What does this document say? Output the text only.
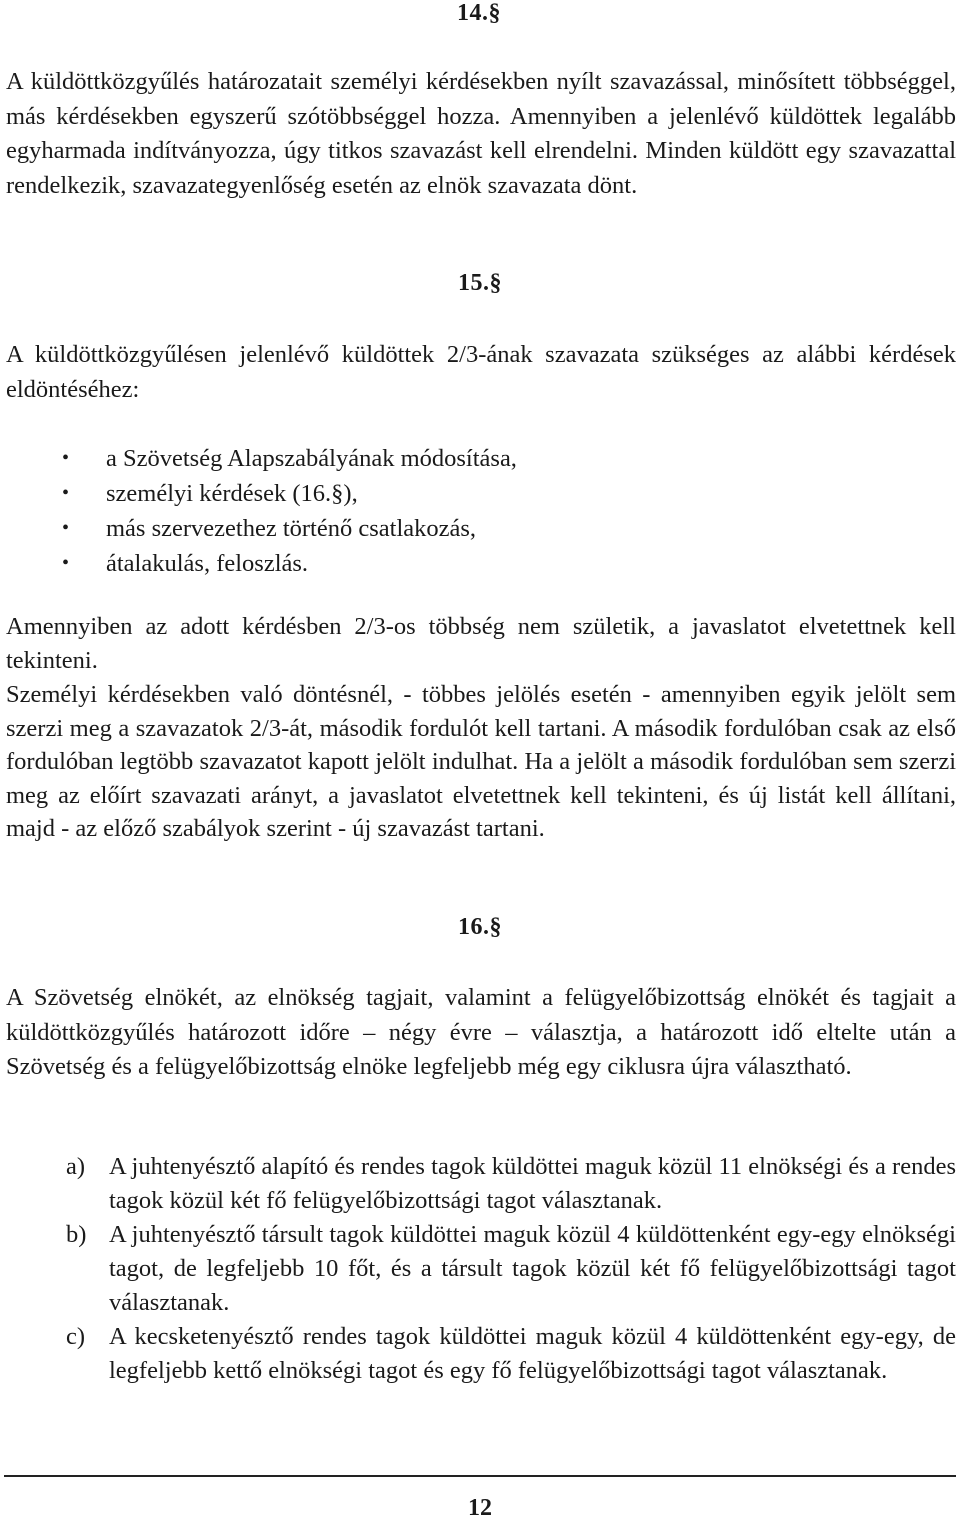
14.§
A küldöttközgyűlés határozatait személyi kérdésekben nyílt szavazással, minősített többséggel, más kérdésekben egyszerű szótöbbséggel hozza. Amennyiben a jelenlévő küldöttek legalább egyharmada indítványozza, úgy titkos szavazást kell elrendelni. Minden küldött egy szavazattal rendelkezik, szavazategyenlőség esetén az elnök szavazata dönt.
15.§
A küldöttközgyűlésen jelenlévő küldöttek 2/3-ának szavazata szükséges az alábbi kérdések eldöntéséhez:
• a Szövetség Alapszabályának módosítása,
• személyi kérdések (16.§),
• más szervezethez történő csatlakozás,
• átalakulás, feloszlás.
Amennyiben az adott kérdésben 2/3-os többség nem születik, a javaslatot elvetettnek kell tekinteni.
Személyi kérdésekben való döntésnél, - többes jelölés esetén - amennyiben egyik jelölt sem szerzi meg a szavazatok 2/3-át, második fordulót kell tartani. A második fordulóban csak az első fordulóban legtöbb szavazatot kapott jelölt indulhat. Ha a jelölt a második fordulóban sem szerzi meg az előírt szavazati arányt, a javaslatot elvetettnek kell tekinteni, és új listát kell állítani, majd - az előző szabályok szerint - új szavazást tartani.
16.§
A Szövetség elnökét, az elnökség tagjait, valamint a felügyelőbizottság elnökét és tagjait a küldöttközgyűlés határozott időre – négy évre – választja, a határozott idő eltelte után a Szövetség és a felügyelőbizottság elnöke legfeljebb még egy ciklusra újra választható.
a) A juhtenyésztő alapító és rendes tagok küldöttei maguk közül 11 elnökségi és a rendes tagok közül két fő felügyelőbizottsági tagot választanak.
b) A juhtenyésztő társult tagok küldöttei maguk közül 4 küldöttenként egy-egy elnökségi tagot, de legfeljebb 10 főt, és a társult tagok közül két fő felügyelőbizottsági tagot választanak.
c) A kecsketenyésztő rendes tagok küldöttei maguk közül 4 küldöttenként egy-egy, de legfeljebb kettő elnökségi tagot és egy fő felügyelőbizottsági tagot választanak.
12
